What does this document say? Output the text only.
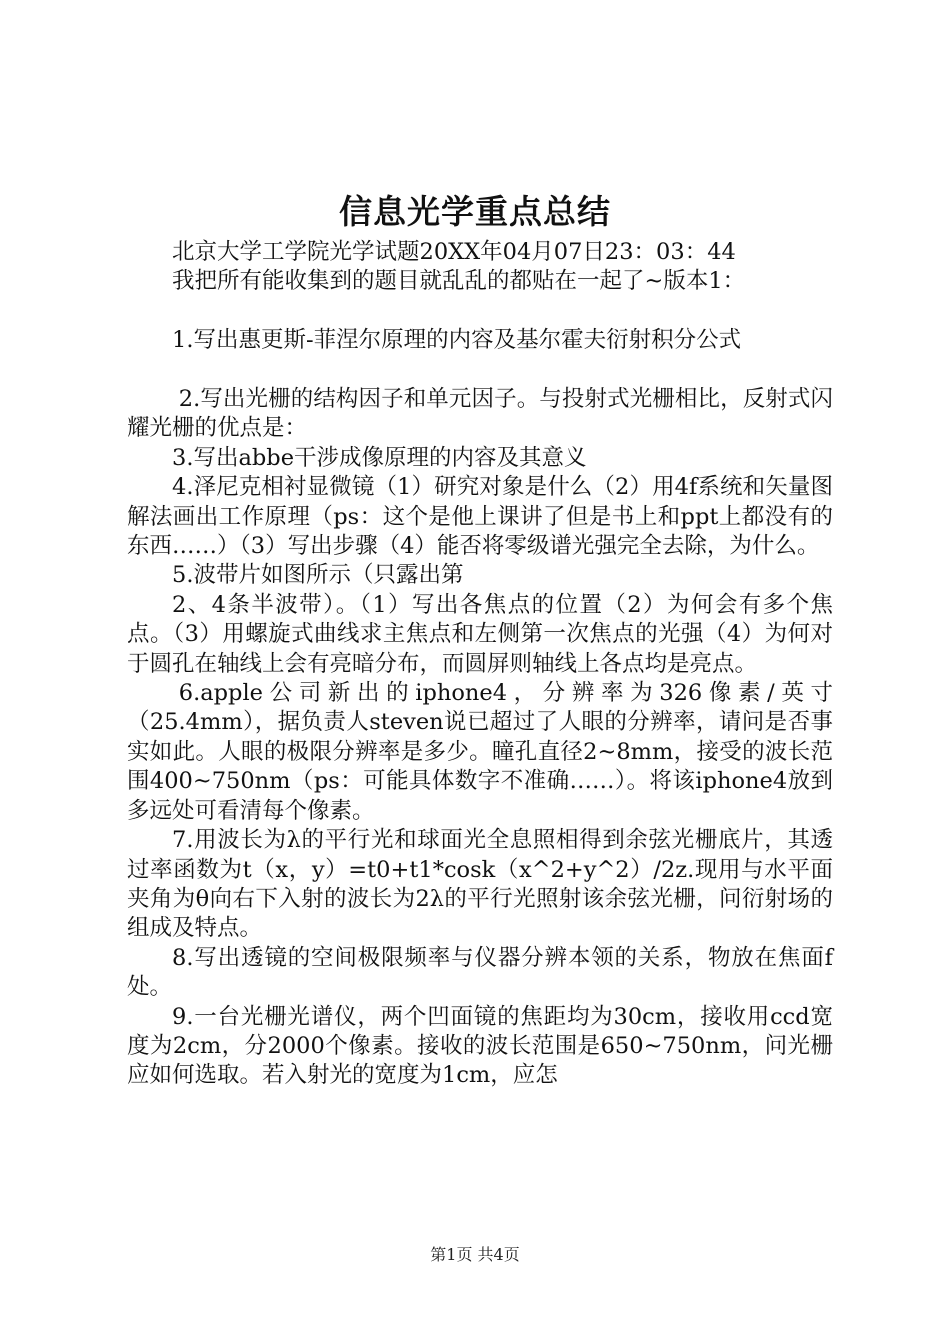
信息光学重点总结

北京大学工学院光学试题20XX年04月07日23：03：44

我把所有能收集到的题目就乱乱的都贴在一起了~版本1：

1.写出惠更斯-菲涅尔原理的内容及基尔霍夫衍射积分公式

2.写出光栅的结构因子和单元因子。与投射式光栅相比，反射式闪耀光栅的优点是：

3.写出abbe干涉成像原理的内容及其意义

4.泽尼克相衬显微镜（1）研究对象是什么（2）用4f系统和矢量图解法画出工作原理（ps：这个是他上课讲了但是书上和ppt上都没有的东西……）（3）写出步骤（4）能否将零级谱光强完全去除，为什么。

5.波带片如图所示（只露出第

2、4条半波带）。（1）写出各焦点的位置（2）为何会有多个焦点。（3）用螺旋式曲线求主焦点和左侧第一次焦点的光强（4）为何对于圆孔在轴线上会有亮暗分布，而圆屏则轴线上各点均是亮点。

6.apple公司新出的iphone4，分辨率为326像素/英寸（25.4mm），据负责人steven说已超过了人眼的分辨率，请问是否事实如此。人眼的极限分辨率是多少。瞳孔直径2~8mm，接受的波长范围400~750nm（ps：可能具体数字不准确……）。将该iphone4放到多远处可看清每个像素。

7.用波长为λ的平行光和球面光全息照相得到余弦光栅底片，其透过率函数为t（x，y）=t0+t1*cosk（x^2+y^2）/2z.现用与水平面夹角为θ向右下入射的波长为2λ的平行光照射该余弦光栅，问衍射场的组成及特点。

8.写出透镜的空间极限频率与仪器分辨本领的关系，物放在焦面f处。

9.一台光栅光谱仪，两个凹面镜的焦距均为30cm，接收用ccd宽度为2cm，分2000个像素。接收的波长范围是650~750nm，问光栅应如何选取。若入射光的宽度为1cm，应怎

第1页 共4页
